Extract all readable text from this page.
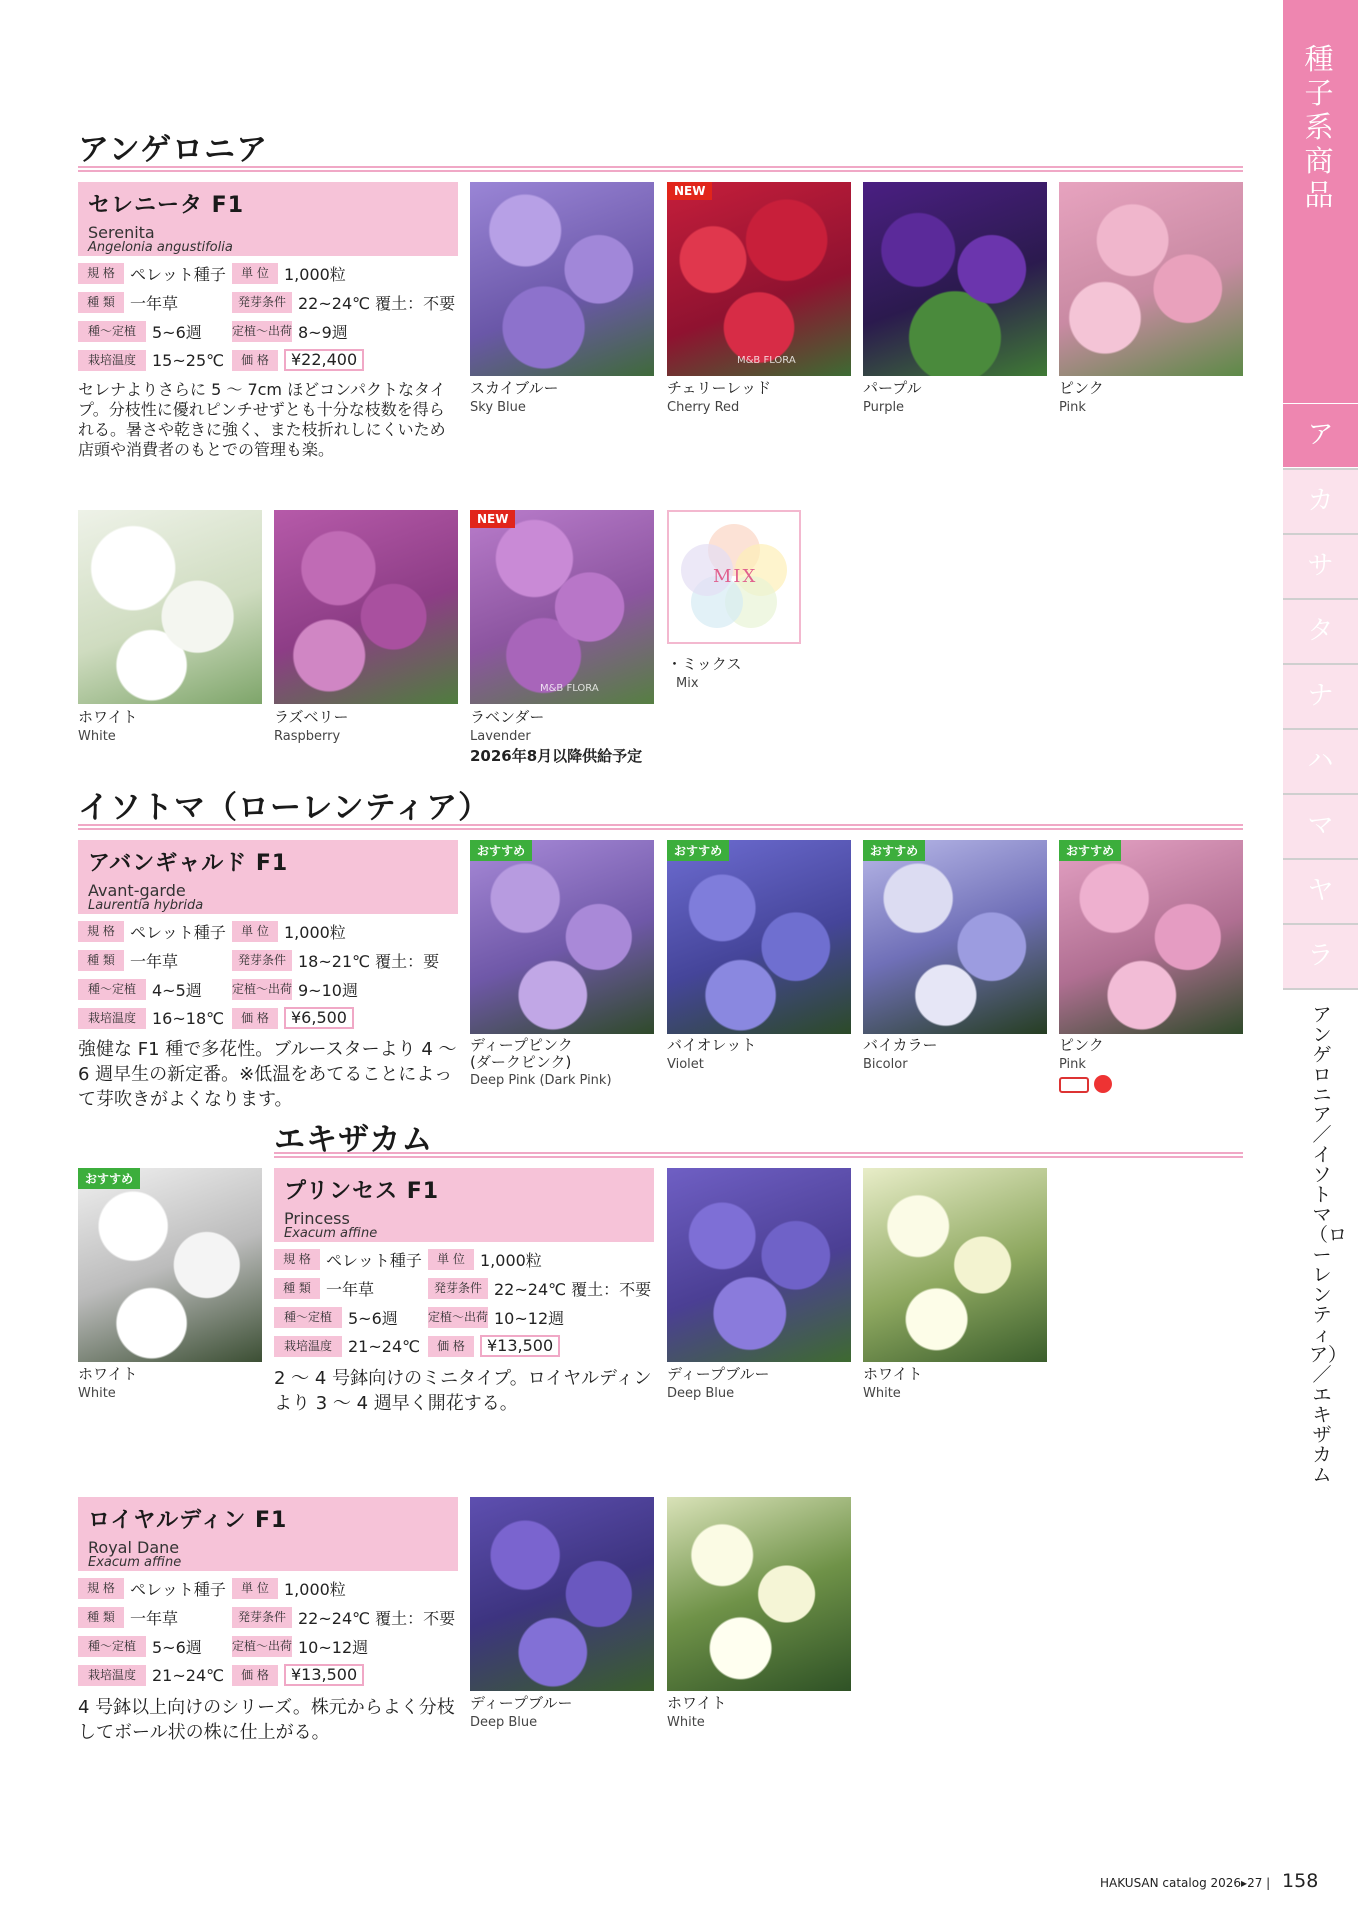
種子系商品
ア
カ
サ
タ
ナ
ハ
マ
ヤ
ラ
アンゲロニア／イソトマ（ローレンティア）／エキザカム
アンゲロニア
セレニータ F1
Serenita
Angelonia angustifolia
規 格 ペレット種子	単 位 1,000粒
種 類 一年草	発芽条件 22~24℃ 覆土：不要
種～定植	5~6週	定植～出荷 8~9週
栽培温度	15~25℃	価 格	¥22,400
セレナよりさらに 5 ～ 7cm ほどコンパクトなタイプ。分枝性に優れピンチせずとも十分な枝数を得られる。暑さや乾きに強く、また枝折れしにくいため店頭や消費者のもとでの管理も楽。
スカイブルー
Sky Blue
NEW
M&B FLORA
チェリーレッド
Cherry Red
パープル
Purple
ピンク
Pink
ホワイト
White
ラズベリー
Raspberry
NEW
M&B FLORA
ラベンダー
Lavender
2026年8月以降供給予定
MIX
・ミックス
Mix
イソトマ（ローレンティア）
アバンギャルド F1
Avant-garde
Laurentia hybrida
規 格 ペレット種子	単 位 1,000粒
種 類 一年草	発芽条件 18~21℃ 覆土：要
種～定植	4~5週	定植～出荷 9~10週
栽培温度	16~18℃	価 格	¥6,500
強健な F1 種で多花性。ブルースターより 4 ～ 6 週早生の新定番。※低温をあてることによって芽吹きがよくなります。
おすすめ
ディープピンク
(ダークピンク)
Deep Pink (Dark Pink)
おすすめ
バイオレット
Violet
おすすめ
バイカラー
Bicolor
おすすめ
ピンク
Pink

エキザカム
おすすめ
ホワイト
White
プリンセス F1
Princess
Exacum affine
規 格 ペレット種子	単 位 1,000粒
種 類 一年草	発芽条件 22~24℃ 覆土：不要
種～定植	5~6週	定植～出荷 10~12週
栽培温度	21~24℃	価 格	¥13,500
2 ～ 4 号鉢向けのミニタイプ。ロイヤルディンより 3 ～ 4 週早く開花する。
ディープブルー
Deep Blue
ホワイト
White
ロイヤルディン F1
Royal Dane
Exacum affine
規 格 ペレット種子	単 位 1,000粒
種 類 一年草	発芽条件 22~24℃ 覆土：不要
種～定植	5~6週	定植～出荷 10~12週
栽培温度	21~24℃	価 格	¥13,500
4 号鉢以上向けのシリーズ。株元からよく分枝してボール状の株に仕上がる。
ディープブルー
Deep Blue
ホワイト
White
HAKUSAN catalog 2026▸27 | 158
